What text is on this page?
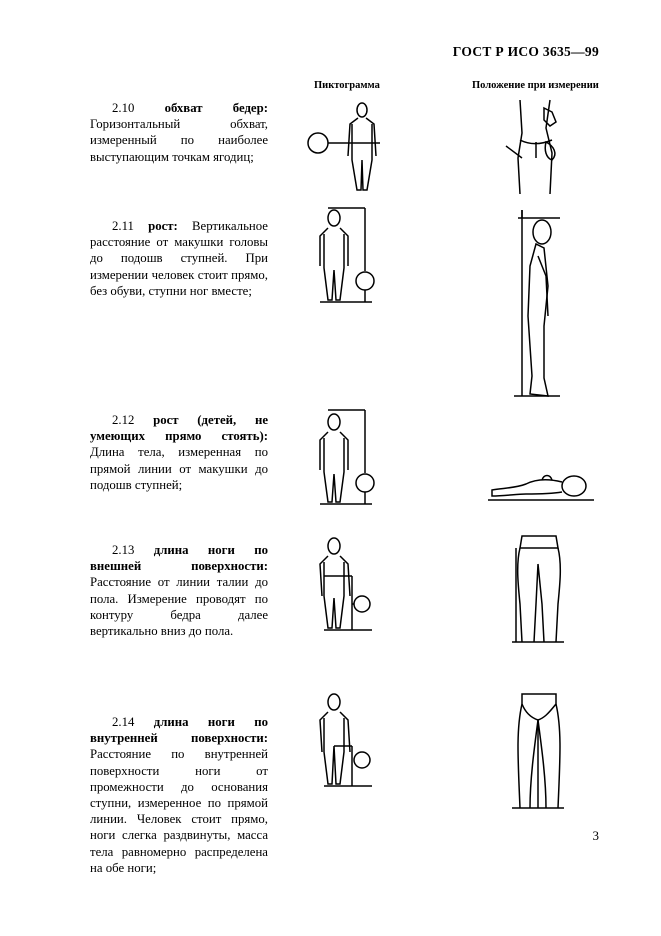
ГОСТ Р ИСО 3635—99
Пиктограмма	Положение при измерении
2.10 обхват бедер: Горизонтальный обхват, измеренный по наиболее выступающим точкам ягодиц;
2.11 рост: Вертикальное расстояние от макушки головы до подошв ступней. При измерении человек стоит прямо, без обуви, ступни ног вместе;
2.12 рост (детей, не умеющих прямо стоять): Длина тела, измеренная по прямой линии от макушки до подошв ступней;
2.13 длина ноги по внешней поверхности: Расстояние от линии талии до пола. Измерение проводят по контуру бедра далее вертикально вниз до пола.
2.14 длина ноги по внутренней поверхности: Расстояние по внутренней поверхности ноги от промежности до основания ступни, измеренное по прямой линии. Человек стоит прямо, ноги слегка раздвинуты, масса тела равномерно распределена на обе ноги;
3
